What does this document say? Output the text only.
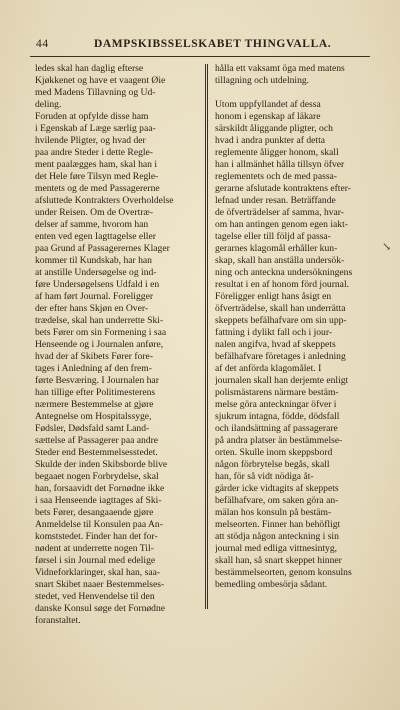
44	DAMPSKIBSSELSKABET THINGVALLA.
ledes skal han daglig efterse
Kjøkkenet og have et vaagent Øie
med Madens Tillavning og Ud-
deling.
Foruden at opfylde disse ham
i Egenskab af Læge særlig paa-
hvilende Pligter, og hvad der
paa andre Steder i dette Regle-
ment paalægges ham, skal han i
det Hele føre Tilsyn med Regle-
mentets og de med Passagererne
afsluttede Kontrakters Overholdelse
under Reisen. Om de Overtræ-
delser af samme, hvorom han
enten ved egen Iagttagelse eller
paa Grund af Passagerernes Klager
kommer til Kundskab, har han
at anstille Undersøgelse og ind-
føre Undersøgelsens Udfald i en
af ham ført Journal. Foreligger
der efter hans Skjøn en Over-
trædelse, skal han underrette Ski-
bets Fører om sin Formening i saa
Henseende og i Journalen anføre,
hvad der af Skibets Fører fore-
tages i Anledning af den frem-
førte Besværing. I Journalen har
han tillige efter Politimesterens
nærmere Bestemmelse at gjøre
Antegnelse om Hospitalssyge,
Fødsler, Dødsfald samt Land-
sættelse af Passagerer paa andre
Steder end Bestemmelsesstedet.
Skulde der inden Skibsborde blive
begaaet nogen Forbrydelse, skal
han, forsaavidt det Fornødne ikke
i saa Henseende iagttages af Ski-
bets Fører, desangaaende gjøre
Anmeldelse til Konsulen paa An-
komststedet. Finder han det for-
nødent at underrette nogen Til-
førsel i sin Journal med edelige
Vidneforklaringer, skal han, saa-
snart Skibet naaer Bestemmelses-
stedet, ved Henvendelse til den
danske Konsul søge det Fornødne
foranstaltet.
hålla ett vaksamt öga med matens
tillagning och utdelning.
Utom uppfyllandet af dessa
honom i egenskap af läkare
särskildt åliggande pligter, och
hvad i andra punkter af detta
reglemente åligger honom, skall
han i allmänhet hålla tillsyn öfver
reglementets och de med passa-
gerarne afslutade kontraktens efter-
lefnad under resan. Beträffande
de öfverträdelser af samma, hvar-
om han antingen genom egen iakt-
tagelse eller till följd af passa-
gerarnes klagomål erhåller kun-
skap, skall han anställa undersök-
ning och anteckna undersökningens
resultat i en af honom förd journal.
Föreligger enligt hans åsigt en
öfverträdelse, skall han underrätta
skeppets befälhafvare om sin upp-
fattning i dylikt fall och i jour-
nalen angifva, hvad af skeppets
befälhafvare företages i anledning
af det anförda klagomålet. I
journalen skall han derjemte enligt
polismästarens närmare bestäm-
melse göra anteckningar öfver i
sjukrum intagna, födde, dödsfall
och ilandsättning af passagerare
på andra platser än bestämmelse-
orten. Skulle inom skeppsbord
någon förbrytelse begås, skall
han, för så vidt nödiga åt-
gärder icke vidtagits af skeppets
befälhafvare, om saken göra an-
mälan hos konsuln på bestäm-
melseorten. Finner han behöfligt
att stödja någon anteckning i sin
journal med edliga vittnesintyg,
skall han, så snart skeppet hinner
bestämmelseorten, genom konsulns
bemedling ombesörja sådant.
↘
